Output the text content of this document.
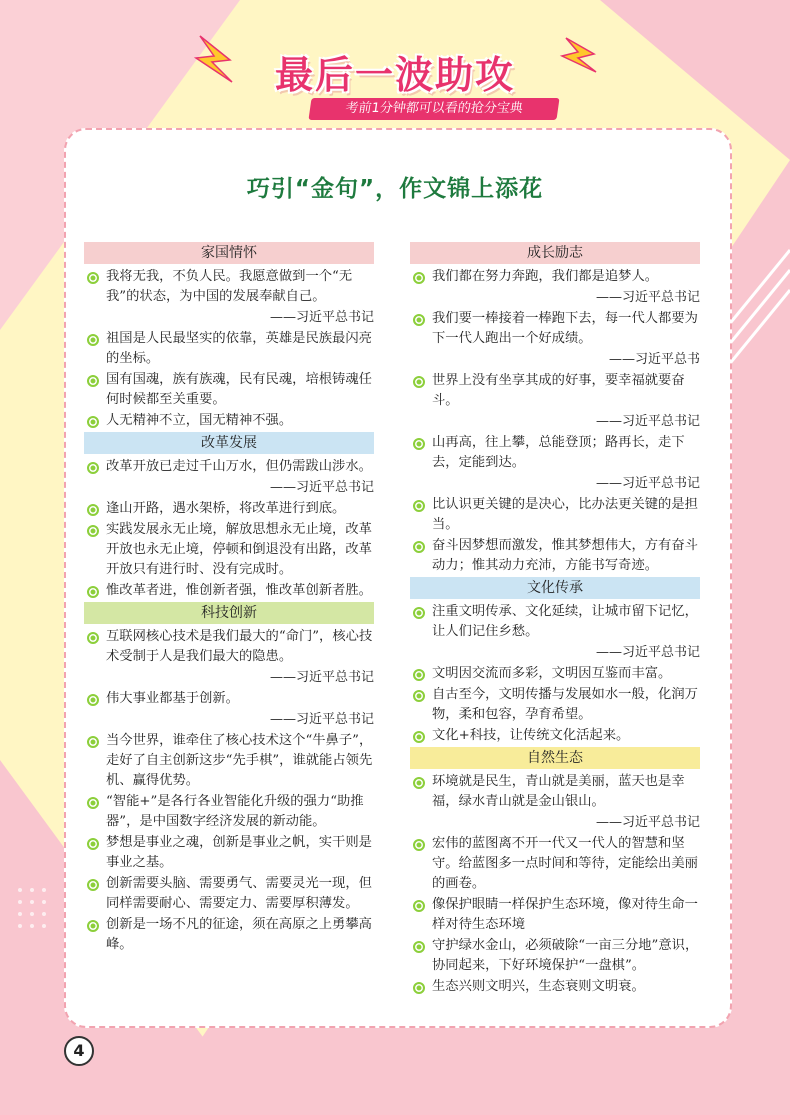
最后一波助攻
考前1分钟都可以看的抢分宝典
巧引“金句”，作文锦上添花
家国情怀
我将无我，不负人民。我愿意做到一个“无我”的状态，为中国的发展奉献自己。
——习近平总书记
祖国是人民最坚实的依靠，英雄是民族最闪亮的坐标。
国有国魂，族有族魂，民有民魂，培根铸魂任何时候都至关重要。
人无精神不立，国无精神不强。
改革发展
改革开放已走过千山万水，但仍需跋山涉水。
——习近平总书记
逢山开路，遇水架桥，将改革进行到底。
实践发展永无止境，解放思想永无止境，改革开放也永无止境，停顿和倒退没有出路，改革开放只有进行时、没有完成时。
惟改革者进，惟创新者强，惟改革创新者胜。
科技创新
互联网核心技术是我们最大的“命门”，核心技术受制于人是我们最大的隐患。
——习近平总书记
伟大事业都基于创新。
——习近平总书记
当今世界，谁牵住了核心技术这个“牛鼻子”，走好了自主创新这步“先手棋”，谁就能占领先机、赢得优势。
“智能+”是各行各业智能化升级的强力“助推器”，是中国数字经济发展的新动能。
梦想是事业之魂，创新是事业之帆，实干则是事业之基。
创新需要头脑、需要勇气、需要灵光一现，但同样需要耐心、需要定力、需要厚积薄发。
创新是一场不凡的征途，须在高原之上勇攀高峰。
成长励志
我们都在努力奔跑，我们都是追梦人。
——习近平总书记
我们要一棒接着一棒跑下去，每一代人都要为下一代人跑出一个好成绩。
——习近平总书
世界上没有坐享其成的好事，要幸福就要奋斗。
——习近平总书记
山再高，往上攀，总能登顶；路再长，走下去，定能到达。
——习近平总书记
比认识更关键的是决心，比办法更关键的是担当。
奋斗因梦想而激发，惟其梦想伟大，方有奋斗动力；惟其动力充沛，方能书写奇迹。
文化传承
注重文明传承、文化延续，让城市留下记忆，让人们记住乡愁。
——习近平总书记
文明因交流而多彩，文明因互鉴而丰富。
自古至今，文明传播与发展如水一般，化润万物，柔和包容，孕育希望。
文化+科技，让传统文化活起来。
自然生态
环境就是民生，青山就是美丽，蓝天也是幸福，绿水青山就是金山银山。
——习近平总书记
宏伟的蓝图离不开一代又一代人的智慧和坚守。给蓝图多一点时间和等待，定能绘出美丽的画卷。
像保护眼睛一样保护生态环境，像对待生命一样对待生态环境
守护绿水金山，必须破除“一亩三分地”意识，协同起来，下好环境保护“一盘棋”。
生态兴则文明兴，生态衰则文明衰。
4
